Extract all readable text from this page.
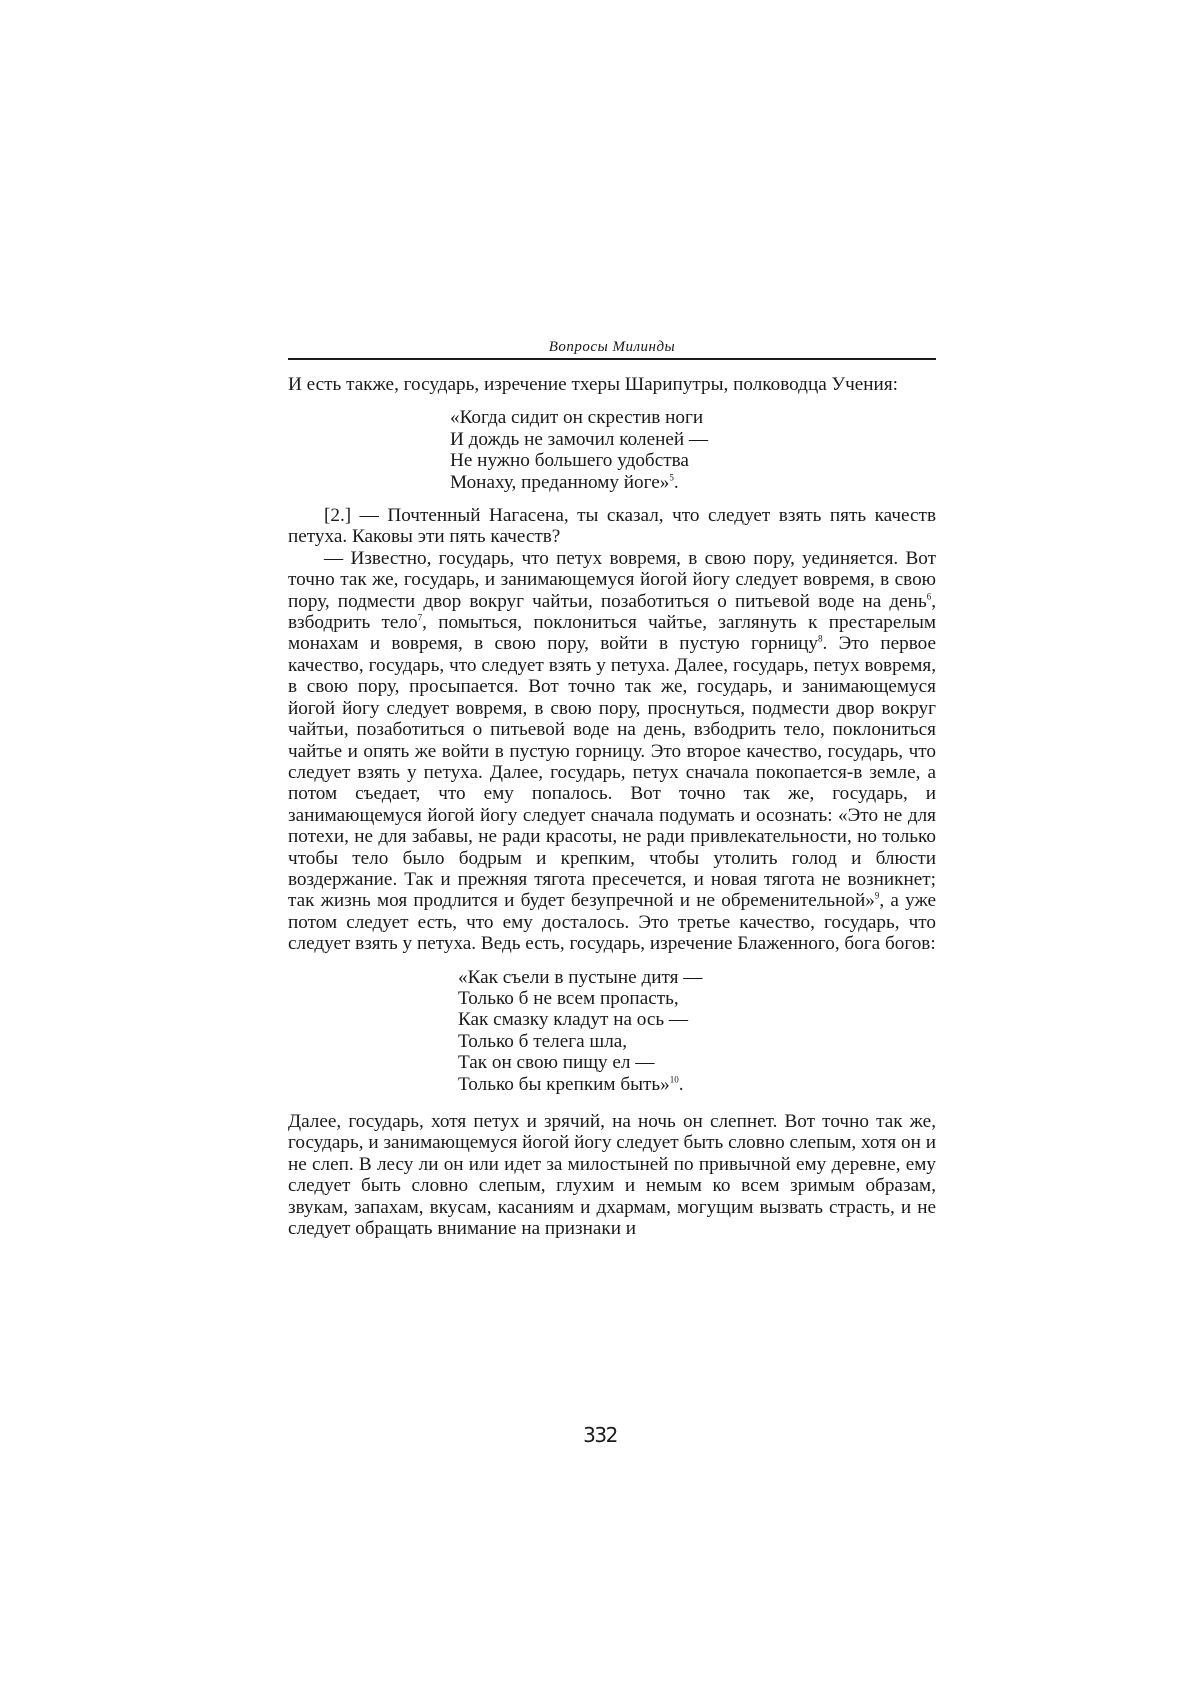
Вопросы Милинды

И есть также, государь, изречение тхеры Шарипутры, полководца Учения:

«Когда сидит он скрестив ноги
И дождь не замочил коленей —
Не нужно большего удобства
Монаху, преданному йоге»$^5$.

[2.] — Почтенный Нагасена, ты сказал, что следует взять пять качеств петуха. Каковы эти пять качеств?

— Известно, государь, что петух вовремя, в свою пору, уединяется. Вот точно так же, государь, и занимающемуся йогой йогу следует вовремя, в свою пору, подмести двор вокруг чайтьи, позаботиться о питьевой воде на день$^6$, взбодрить тело$^7$, помыться, поклониться чайтье, заглянуть к престарелым монахам и вовремя, в свою пору, войти в пустую горницу$^8$. Это первое качество, государь, что следует взять у петуха. Далее, государь, петух вовремя, в свою пору, просыпается. Вот точно так же, государь, и занимающемуся йогой йогу следует вовремя, в свою пору, проснуться, подмести двор вокруг чайтьи, позаботиться о питьевой воде на день, взбодрить тело, поклониться чайтье и опять же войти в пустую горницу. Это второе качество, государь, что следует взять у петуха. Далее, государь, петух сначала покопается-в земле, а потом съедает, что ему попалось. Вот точно так же, государь, и занимающемуся йогой йогу следует сначала подумать и осознать: «Это не для потехи, не для забавы, не ради красоты, не ради привлекательности, но только чтобы тело было бодрым и крепким, чтобы утолить голод и блюсти воздержание. Так и прежняя тягота пресечется, и новая тягота не возникнет; так жизнь моя продлится и будет безупречной и не обременительной»$^9$, а уже потом следует есть, что ему досталось. Это третье качество, государь, что следует взять у петуха. Ведь есть, государь, изречение Блаженного, бога богов:

«Как съели в пустыне дитя —
Только б не всем пропасть,
Как смазку кладут на ось —
Только б телега шла,
Так он свою пищу ел —
Только бы крепким быть»$^{10}$.

Далее, государь, хотя петух и зрячий, на ночь он слепнет. Вот точно так же, государь, и занимающемуся йогой йогу следует быть словно слепым, хотя он и не слеп. В лесу ли он или идет за милостыней по привычной ему деревне, ему следует быть словно слепым, глухим и немым ко всем зримым образам, звукам, запахам, вкусам, касаниям и дхармам, могущим вызвать страсть, и не следует обращать внимание на признаки и

332
